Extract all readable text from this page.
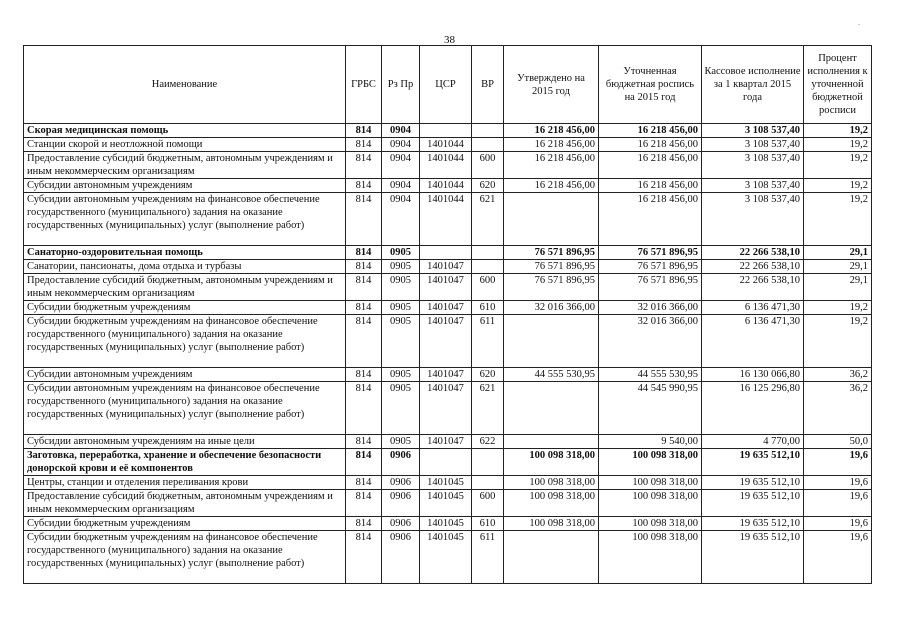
38
.
Наименование	ГРБС	Рз Пр	ЦСР	ВР	Утверждено на 2015 год	Уточненная бюджетная роспись на 2015 год	Кассовое исполнение за 1 квартал 2015 года	Процент исполнения к уточненной бюджетной росписи
Скорая медицинская помощь	814	0904			16 218 456,00	16 218 456,00	3 108 537,40	19,2
Станции скорой и неотложной помощи	814	0904	1401044		16 218 456,00	16 218 456,00	3 108 537,40	19,2
Предоставление субсидий бюджетным, автономным учреждениям и иным некоммерческим организациям	814	0904	1401044	600	16 218 456,00	16 218 456,00	3 108 537,40	19,2
Субсидии автономным учреждениям	814	0904	1401044	620	16 218 456,00	16 218 456,00	3 108 537,40	19,2
Субсидии автономным учреждениям на финансовое обеспечение государственного (муниципального) задания на оказание государственных (муниципальных) услуг (выполнение работ)	814	0904	1401044	621		16 218 456,00	3 108 537,40	19,2
Санаторно-оздоровительная помощь	814	0905			76 571 896,95	76 571 896,95	22 266 538,10	29,1
Санатории, пансионаты, дома отдыха и турбазы	814	0905	1401047		76 571 896,95	76 571 896,95	22 266 538,10	29,1
Предоставление субсидий бюджетным, автономным учреждениям и иным некоммерческим организациям	814	0905	1401047	600	76 571 896,95	76 571 896,95	22 266 538,10	29,1
Субсидии бюджетным учреждениям	814	0905	1401047	610	32 016 366,00	32 016 366,00	6 136 471,30	19,2
Субсидии бюджетным учреждениям на финансовое обеспечение государственного (муниципального) задания на оказание государственных (муниципальных) услуг (выполнение работ)	814	0905	1401047	611		32 016 366,00	6 136 471,30	19,2
Субсидии автономным учреждениям	814	0905	1401047	620	44 555 530,95	44 555 530,95	16 130 066,80	36,2
Субсидии автономным учреждениям на финансовое обеспечение государственного (муниципального) задания на оказание государственных (муниципальных) услуг (выполнение работ)	814	0905	1401047	621		44 545 990,95	16 125 296,80	36,2
Субсидии автономным учреждениям на иные цели	814	0905	1401047	622		9 540,00	4 770,00	50,0
Заготовка, переработка, хранение и обеспечение безопасности донорской крови и её компонентов	814	0906			100 098 318,00	100 098 318,00	19 635 512,10	19,6
Центры, станции и отделения переливания крови	814	0906	1401045		100 098 318,00	100 098 318,00	19 635 512,10	19,6
Предоставление субсидий бюджетным, автономным учреждениям и иным некоммерческим организациям	814	0906	1401045	600	100 098 318,00	100 098 318,00	19 635 512,10	19,6
Субсидии бюджетным учреждениям	814	0906	1401045	610	100 098 318,00	100 098 318,00	19 635 512,10	19,6
Субсидии бюджетным учреждениям на финансовое обеспечение государственного (муниципального) задания на оказание государственных (муниципальных) услуг (выполнение работ)	814	0906	1401045	611		100 098 318,00	19 635 512,10	19,6
